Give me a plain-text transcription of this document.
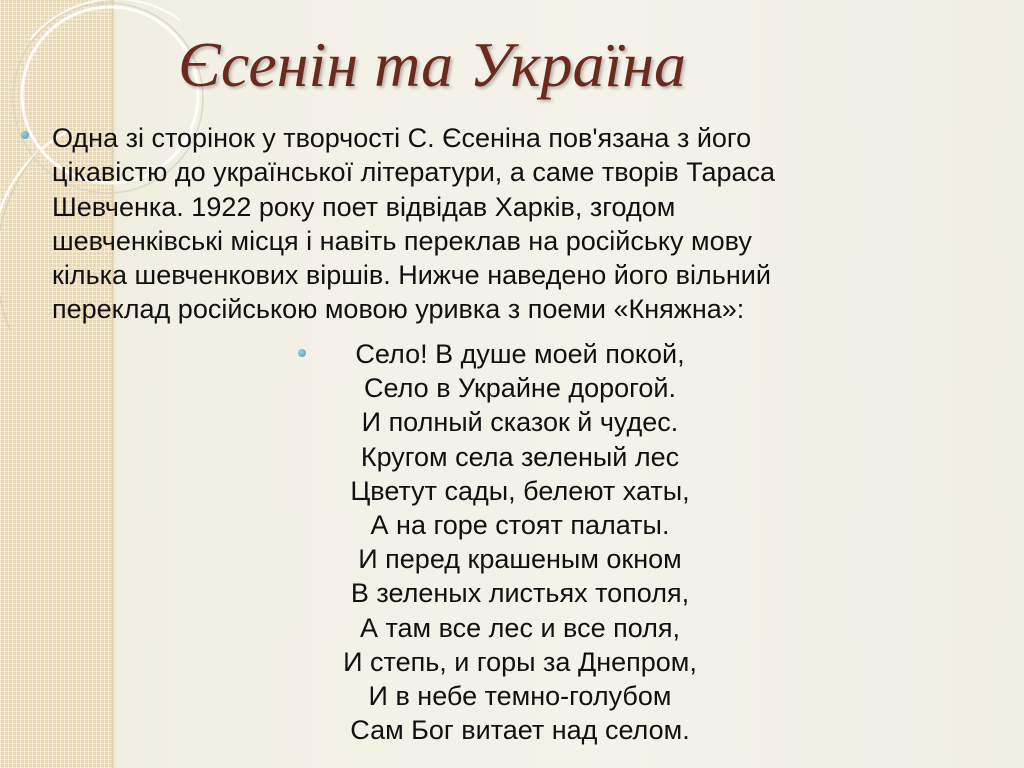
Єсенін та Україна

Одна зі сторінок у творчості С. Єсеніна пов'язана з його
цікавістю до української літератури, а саме творів Тараса
Шевченка. 1922 року поет відвідав Харків, згодом
шевченківські місця і навіть переклав на російську мову
кілька шевченкових віршів. Нижче наведено його вільний
переклад російською мовою уривка з поеми «Княжна»:

Село! В душе моей покой,
Село в Украйне дорогой.
И полный сказок й чудес.
Кругом села зеленый лес
Цветут сады, белеют хаты,
А на горе стоят палаты.
И перед крашеным окном
В зеленых листьях тополя,
А там все лес и все поля,
И степь, и горы за Днепром,
И в небе темно-голубом
Сам Бог витает над селом.
